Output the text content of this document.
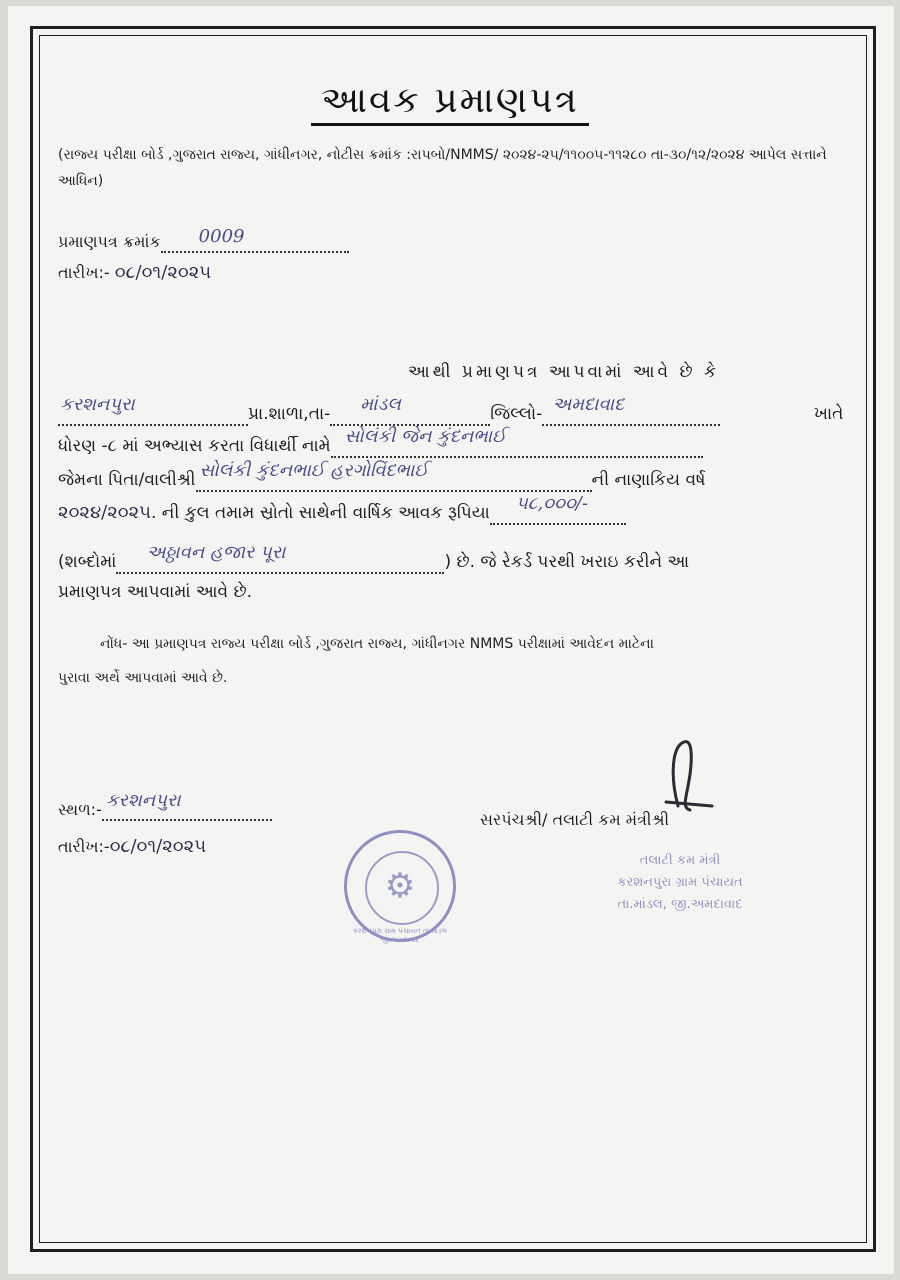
આવક પ્રમાણપત્ર
(રાજ્ય પરીક્ષા બોર્ડ ,ગુજરાત રાજ્ય, ગાંધીનગર, નોટીસ ક્રમાંક :રાપબો/NMMS/ ૨૦૨૪-૨૫/૧૧૦૦૫-૧૧૨૮૦ તા-૩૦/૧૨/૨૦૨૪ આપેલ સત્તાને આધિન)
પ્રમાણપત્ર ક્રમાંક 0009

તારીખ:- ૦૮/૦૧/૨૦૨૫
આથી પ્રમાણપત્ર આપવામાં આવે છે કે
કરશનપુરા	પ્રા.શાળા,તા- માંડલ	જિલ્લો- અમદાવાદ
	ખાતે
ધોરણ -૮ માં અભ્યાસ કરતા વિધાર્થી નામે સોલંકી જેન કુંદનભાઈ

જેમના પિતા/વાલીશ્રી સોલંકી કુંદનભાઈ હરગોવિંદભાઈ	ની નાણાકિય વર્ષ
૨૦૨૪/૨૦૨૫. ની કુલ તમામ સ્રોતો સાથેની વાર્ષિક આવક રૂપિયા ૫૮,૦૦૦/-

(શબ્દોમાં અઠ્ઠાવન હજાર પૂરા	) છે. જે રેકર્ડ પરથી ખરાઇ કરીને આ
પ્રમાણપત્ર આપવામાં આવે છે.
નોંધ- આ પ્રમાણપત્ર રાજ્ય પરીક્ષા બોર્ડ ,ગુજરાત રાજ્ય, ગાંધીનગર NMMS પરીક્ષામાં આવેદન માટેના
પુરાવા અર્થે આપવામાં આવે છે.
સ્થળ:- કરશનપુરા

તારીખ:-૦૮/૦૧/૨૦૨૫
સરપંચશ્રી/ તલાટી કમ મંત્રીશ્રી
⚙
કરશનપુરા ગ્રામ પંચાયત તા.માંડલ જી.અમદાવાદ
તલાટી કમ મંત્રી
કરશનપુરા ગ્રામ પંચાયત
તા.માંડલ, જી.અમદાવાદ
